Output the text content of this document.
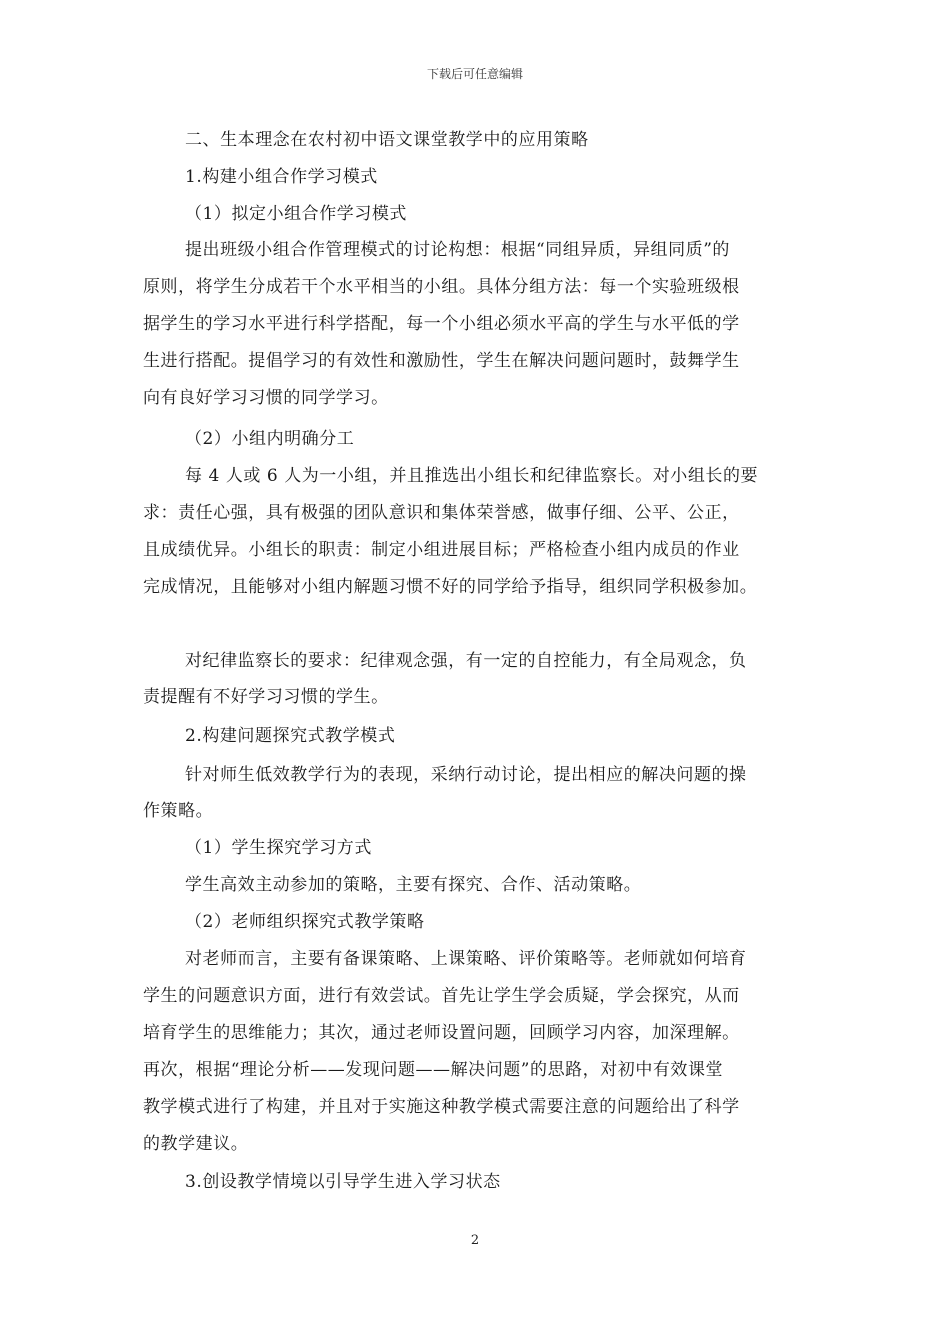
下载后可任意编辑
二、生本理念在农村初中语文课堂教学中的应用策略
1.构建小组合作学习模式
（1）拟定小组合作学习模式
提出班级小组合作管理模式的讨论构想：根据“同组异质，异组同质”的
原则，将学生分成若干个水平相当的小组。具体分组方法：每一个实验班级根
据学生的学习水平进行科学搭配，每一个小组必须水平高的学生与水平低的学
生进行搭配。提倡学习的有效性和激励性，学生在解决问题问题时，鼓舞学生
向有良好学习习惯的同学学习。
（2）小组内明确分工
每 4 人或 6 人为一小组，并且推选出小组长和纪律监察长。对小组长的要
求：责任心强，具有极强的团队意识和集体荣誉感，做事仔细、公平、公正，
且成绩优异。小组长的职责：制定小组进展目标；严格检查小组内成员的作业
完成情况，且能够对小组内解题习惯不好的同学给予指导，组织同学积极参加。
对纪律监察长的要求：纪律观念强，有一定的自控能力，有全局观念，负
责提醒有不好学习习惯的学生。
2.构建问题探究式教学模式
针对师生低效教学行为的表现，采纳行动讨论，提出相应的解决问题的操
作策略。
（1）学生探究学习方式
学生高效主动参加的策略，主要有探究、合作、活动策略。
（2）老师组织探究式教学策略
对老师而言，主要有备课策略、上课策略、评价策略等。老师就如何培育
学生的问题意识方面，进行有效尝试。首先让学生学会质疑，学会探究，从而
培育学生的思维能力；其次，通过老师设置问题，回顾学习内容，加深理解。
再次，根据“理论分析——发现问题——解决问题”的思路，对初中有效课堂
教学模式进行了构建，并且对于实施这种教学模式需要注意的问题给出了科学
的教学建议。
3.创设教学情境以引导学生进入学习状态
2
